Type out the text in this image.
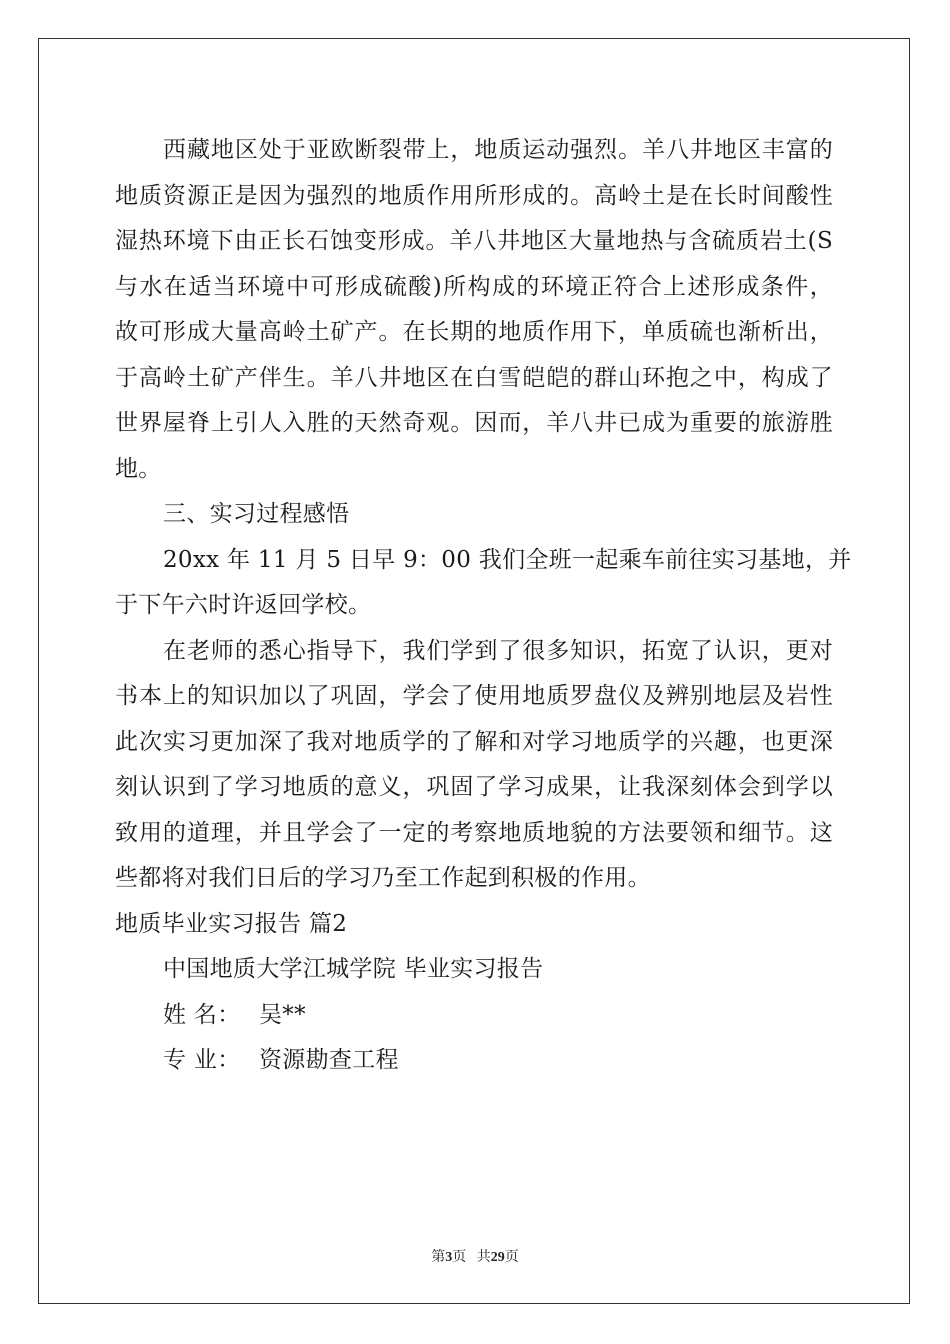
西藏地区处于亚欧断裂带上，地质运动强烈。羊八井地区丰富的
地质资源正是因为强烈的地质作用所形成的。高岭土是在长时间酸性
湿热环境下由正长石蚀变形成。羊八井地区大量地热与含硫质岩土(S
与水在适当环境中可形成硫酸)所构成的环境正符合上述形成条件，
故可形成大量高岭土矿产。在长期的地质作用下，单质硫也渐析出，
于高岭土矿产伴生。羊八井地区在白雪皑皑的群山环抱之中，构成了
世界屋脊上引人入胜的天然奇观。因而，羊八井已成为重要的旅游胜
地。
三、实习过程感悟
20xx 年 11 月 5 日早 9：00 我们全班一起乘车前往实习基地，并
于下午六时许返回学校。
在老师的悉心指导下，我们学到了很多知识，拓宽了认识，更对
书本上的知识加以了巩固，学会了使用地质罗盘仪及辨别地层及岩性
此次实习更加深了我对地质学的了解和对学习地质学的兴趣，也更深
刻认识到了学习地质的意义，巩固了学习成果，让我深刻体会到学以
致用的道理，并且学会了一定的考察地质地貌的方法要领和细节。这
些都将对我们日后的学习乃至工作起到积极的作用。
地质毕业实习报告 篇2
中国地质大学江城学院 毕业实习报告
姓 名： 吴**
专 业： 资源勘查工程
第3页   共29页
